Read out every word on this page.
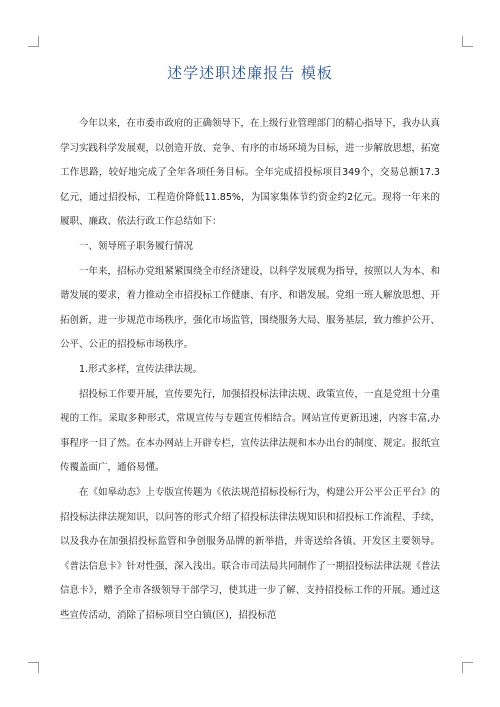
述学述职述廉报告 模板

今年以来，在市委市政府的正确领导下，在上级行业管理部门的精心指导下，我办认真学习实践科学发展观，以创造开放、竞争、有序的市场环境为目标，进一步解放思想，拓宽工作思路，较好地完成了全年各项任务目标。全年完成招投标项目349个，交易总额17.3亿元，通过招投标，工程造价降低11.85%，为国家集体节约资金约2亿元。现将一年来的履职、廉政、依法行政工作总结如下：

一、领导班子职务履行情况

一年来，招标办党组紧紧围绕全市经济建设，以科学发展观为指导，按照以人为本、和谐发展的要求，着力推动全市招投标工作健康、有序、和谐发展。党组一班人解放思想、开拓创新，进一步规范市场秩序，强化市场监管，围绕服务大局、服务基层，致力维护公开、公平、公正的招投标市场秩序。

1.形式多样，宣传法律法规。

招投标工作要开展，宣传要先行，加强招投标法律法规、政策宣传，一直是党组十分重视的工作。采取多种形式，常规宣传与专题宣传相结合。网站宣传更新迅速，内容丰富,办事程序一目了然。在本办网站上开辟专栏，宣传法律法规和本办出台的制度、规定。报纸宣传覆盖面广，通俗易懂。

在《如皋动态》上专版宣传题为《依法规范招标投标行为，构建公开公平公正平台》的招投标法律法规知识，以问答的形式介绍了招投标法律法规知识和招投标工作流程、手续，以及我办在加强招投标监管和争创服务品牌的新举措，并寄送给各镇、开发区主要领导。《普法信息卡》针对性强，深入浅出。联合市司法局共同制作了一期招投标法律法规《普法信息卡》，赠予全市各级领导干部学习，使其进一步了解、支持招投标工作的开展。通过这些宣传活动，消除了招标项目空白镇(区)，招投标范
